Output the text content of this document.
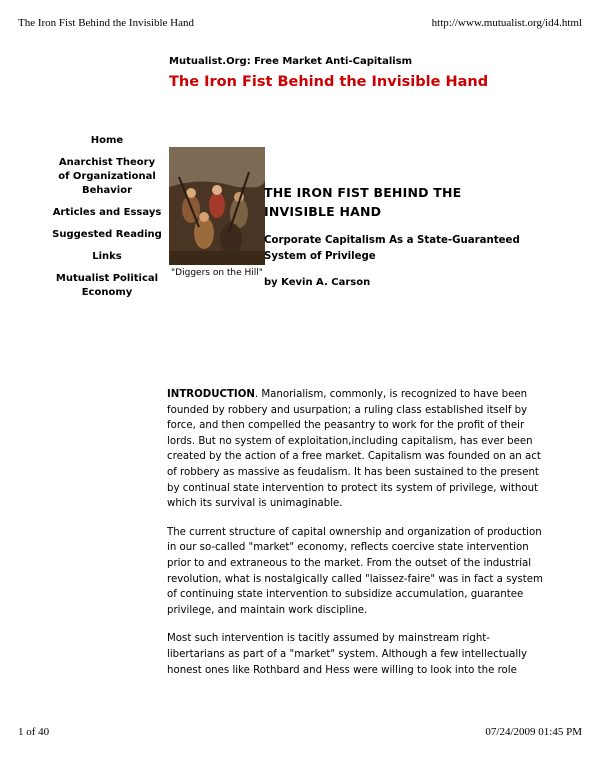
The Iron Fist Behind the Invisible Hand	http://www.mutualist.org/id4.html
Mutualist.Org: Free Market Anti-Capitalism
The Iron Fist Behind the Invisible Hand
Home
Anarchist Theory of Organizational Behavior
Articles and Essays
Suggested Reading
Links
Mutualist Political Economy
"Diggers on the Hill"
THE IRON FIST BEHIND THE INVISIBLE HAND
Corporate Capitalism As a State-Guaranteed System of Privilege
by Kevin A. Carson

INTRODUCTION. Manorialism, commonly, is recognized to have been founded by robbery and usurpation; a ruling class established itself by force, and then compelled the peasantry to work for the profit of their lords. But no system of exploitation,including capitalism, has ever been created by the action of a free market. Capitalism was founded on an act of robbery as massive as feudalism. It has been sustained to the present by continual state intervention to protect its system of privilege, without which its survival is unimaginable.

The current structure of capital ownership and organization of production in our so-called "market" economy, reflects coercive state intervention prior to and extraneous to the market. From the outset of the industrial revolution, what is nostalgically called "laissez-faire" was in fact a system of continuing state intervention to subsidize accumulation, guarantee privilege, and maintain work discipline.

Most such intervention is tacitly assumed by mainstream right-libertarians as part of a "market" system. Although a few intellectually honest ones like Rothbard and Hess were willing to look into the role

1 of 40	07/24/2009 01:45 PM
